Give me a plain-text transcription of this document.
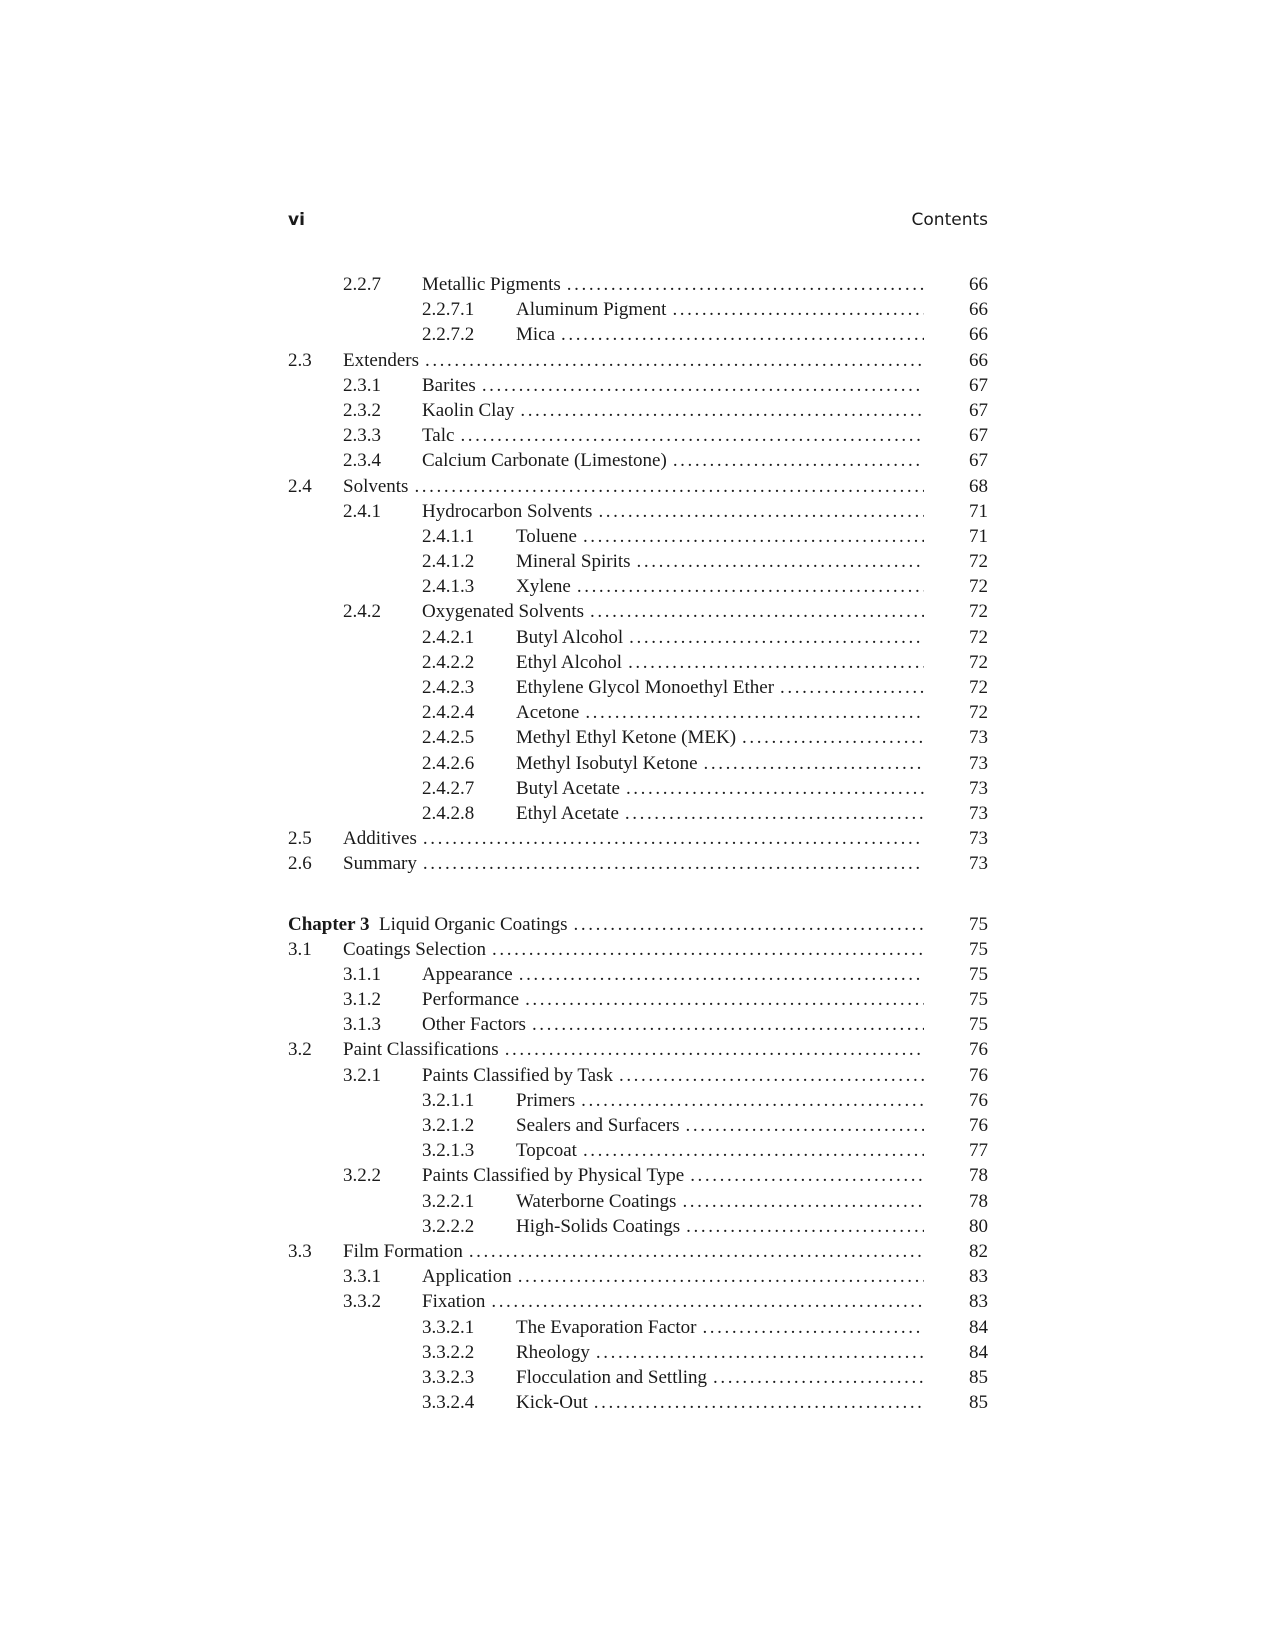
vi	Contents
2.2.7 Metallic Pigments .....	66
2.2.7.1 Aluminum Pigment .....	66
2.2.7.2 Mica .....	66
2.3 Extenders .....	66
2.3.1 Barites .....	67
2.3.2 Kaolin Clay .....	67
2.3.3 Talc .....	67
2.3.4 Calcium Carbonate (Limestone) .....	67
2.4 Solvents .....	68
2.4.1 Hydrocarbon Solvents .....	71
2.4.1.1 Toluene .....	71
2.4.1.2 Mineral Spirits .....	72
2.4.1.3 Xylene .....	72
2.4.2 Oxygenated Solvents .....	72
2.4.2.1 Butyl Alcohol .....	72
2.4.2.2 Ethyl Alcohol .....	72
2.4.2.3 Ethylene Glycol Monoethyl Ether .....	72
2.4.2.4 Acetone .....	72
2.4.2.5 Methyl Ethyl Ketone (MEK) .....	73
2.4.2.6 Methyl Isobutyl Ketone .....	73
2.4.2.7 Butyl Acetate .....	73
2.4.2.8 Ethyl Acetate .....	73
2.5 Additives .....	73
2.6 Summary .....	73
Chapter 3 Liquid Organic Coatings .....	75
3.1 Coatings Selection .....	75
3.1.1 Appearance .....	75
3.1.2 Performance .....	75
3.1.3 Other Factors .....	75
3.2 Paint Classifications .....	76
3.2.1 Paints Classified by Task .....	76
3.2.1.1 Primers .....	76
3.2.1.2 Sealers and Surfacers .....	76
3.2.1.3 Topcoat .....	77
3.2.2 Paints Classified by Physical Type .....	78
3.2.2.1 Waterborne Coatings .....	78
3.2.2.2 High-Solids Coatings .....	80
3.3 Film Formation .....	82
3.3.1 Application .....	83
3.3.2 Fixation .....	83
3.3.2.1 The Evaporation Factor .....	84
3.3.2.2 Rheology .....	84
3.3.2.3 Flocculation and Settling .....	85
3.3.2.4 Kick-Out .....	85
